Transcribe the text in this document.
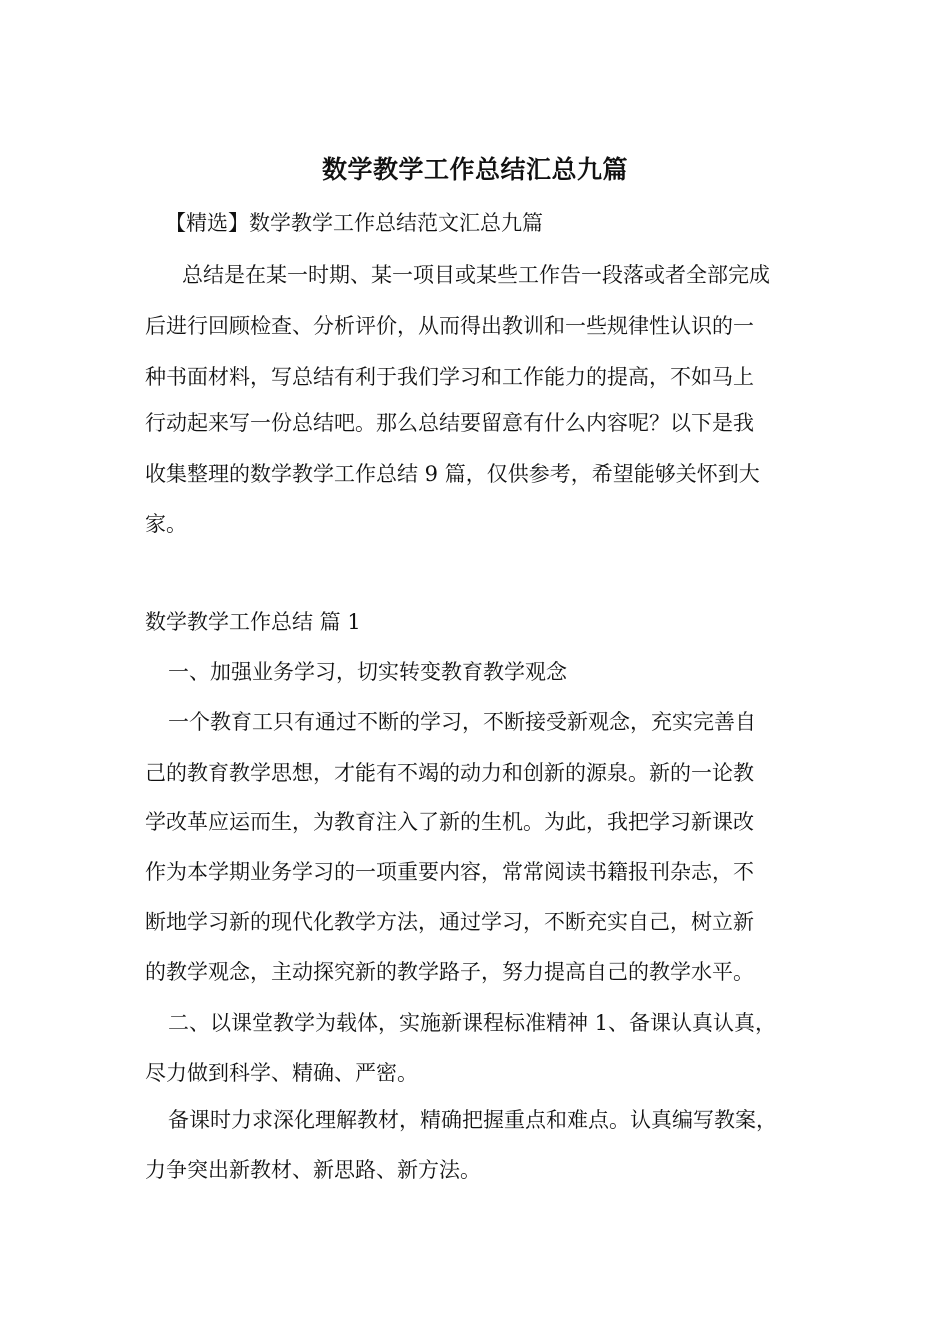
数学教学工作总结汇总九篇
【精选】数学教学工作总结范文汇总九篇
总结是在某一时期、某一项目或某些工作告一段落或者全部完成
后进行回顾检查、分析评价，从而得出教训和一些规律性认识的一
种书面材料，写总结有利于我们学习和工作能力的提高，不如马上
行动起来写一份总结吧。那么总结要留意有什么内容呢？以下是我
收集整理的数学教学工作总结 9 篇，仅供参考，希望能够关怀到大
家。
数学教学工作总结 篇 1
一、加强业务学习，切实转变教育教学观念
一个教育工只有通过不断的学习，不断接受新观念，充实完善自
己的教育教学思想，才能有不竭的动力和创新的源泉。新的一论教
学改革应运而生，为教育注入了新的生机。为此，我把学习新课改
作为本学期业务学习的一项重要内容，常常阅读书籍报刊杂志，不
断地学习新的现代化教学方法，通过学习，不断充实自己，树立新
的教学观念，主动探究新的教学路子，努力提高自己的教学水平。
二、以课堂教学为载体，实施新课程标准精神 1、备课认真认真，
尽力做到科学、精确、严密。
备课时力求深化理解教材，精确把握重点和难点。认真编写教案，
力争突出新教材、新思路、新方法。
